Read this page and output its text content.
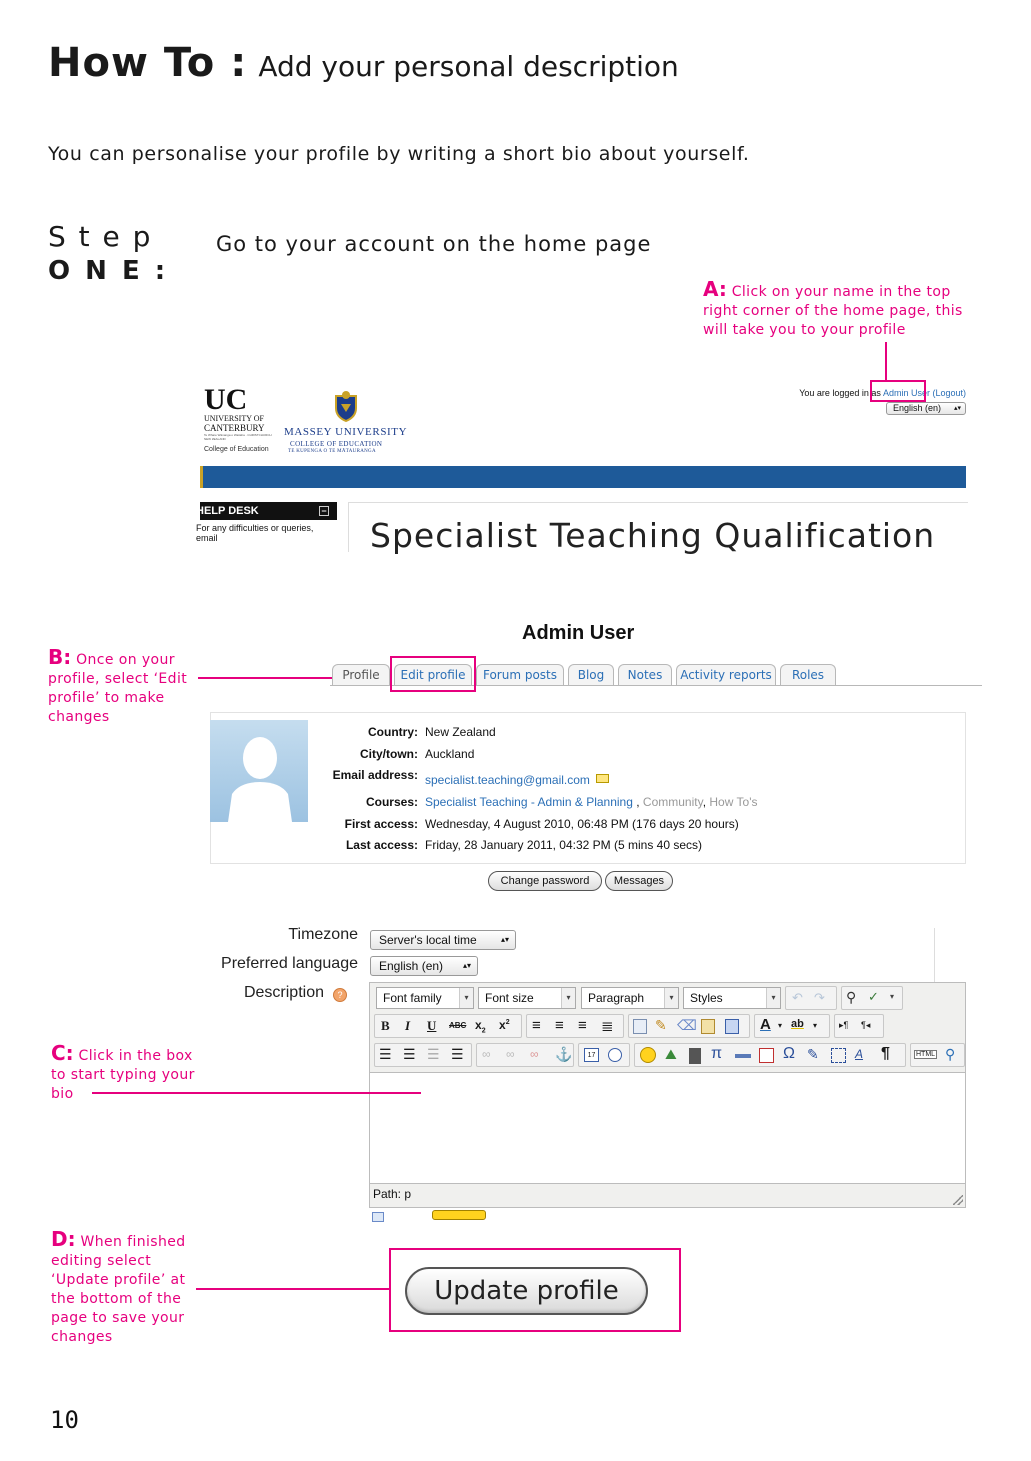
How To : Add your personal description
You can personalise your profile by writing a short bio about yourself.
S t e p
O N E :
Go to your account on the home page
A: Click on your name in the top right corner of the home page, this will take you to your profile
UC
UNIVERSITY OF
CANTERBURY
Te Whare Wānanga o Waitaha · CHRISTCHURCH NEW ZEALAND
College of Education
MASSEY UNIVERSITY
COLLEGE OF EDUCATION
TE KUPENGA O TE MĀTAURANGA
You are logged in as Admin User (Logout)
English (en) ▴▾
HELP DESK	−
For any difficulties or queries,
email	Specialist Teaching Qualification
B: Once on your profile, select ‘Edit profile’ to make changes
Admin User
Profile	Edit profile	Forum posts	Blog	Notes	Activity reports	Roles
Country: New Zealand
City/town: Auckland
Email address: specialist.teaching@gmail.com
Courses: Specialist Teaching - Admin & Planning , Community, How To's
First access: Wednesday, 4 August 2010, 06:48 PM (176 days 20 hours)
Last access: Friday, 28 January 2011, 04:32 PM (5 mins 40 secs)
Change password	Messages
Timezone	Server's local time	▴▾
Preferred language	English (en) ▴▾
Description	?	Font family	▾	Font size	▾	Paragraph	▾	Styles	▾	↶ ↷ ⚲ ✓ ▾
B I U ABC $x_2$ $x^2$ ≡ ≡ ≡ ≣	✎ ⌫	A ▾ ab ▾ ▸¶ ¶◂
☰ ☰ ☰ ☰ ∞ ∞ ∞ ⚓	17	⛰ π	Ω ✎	A ¶	HTML ⚲
Path: p
C: Click in the box to start typing your bio
D: When finished editing select ‘Update profile’ at the bottom of the page to save your changes
Update profile
10
